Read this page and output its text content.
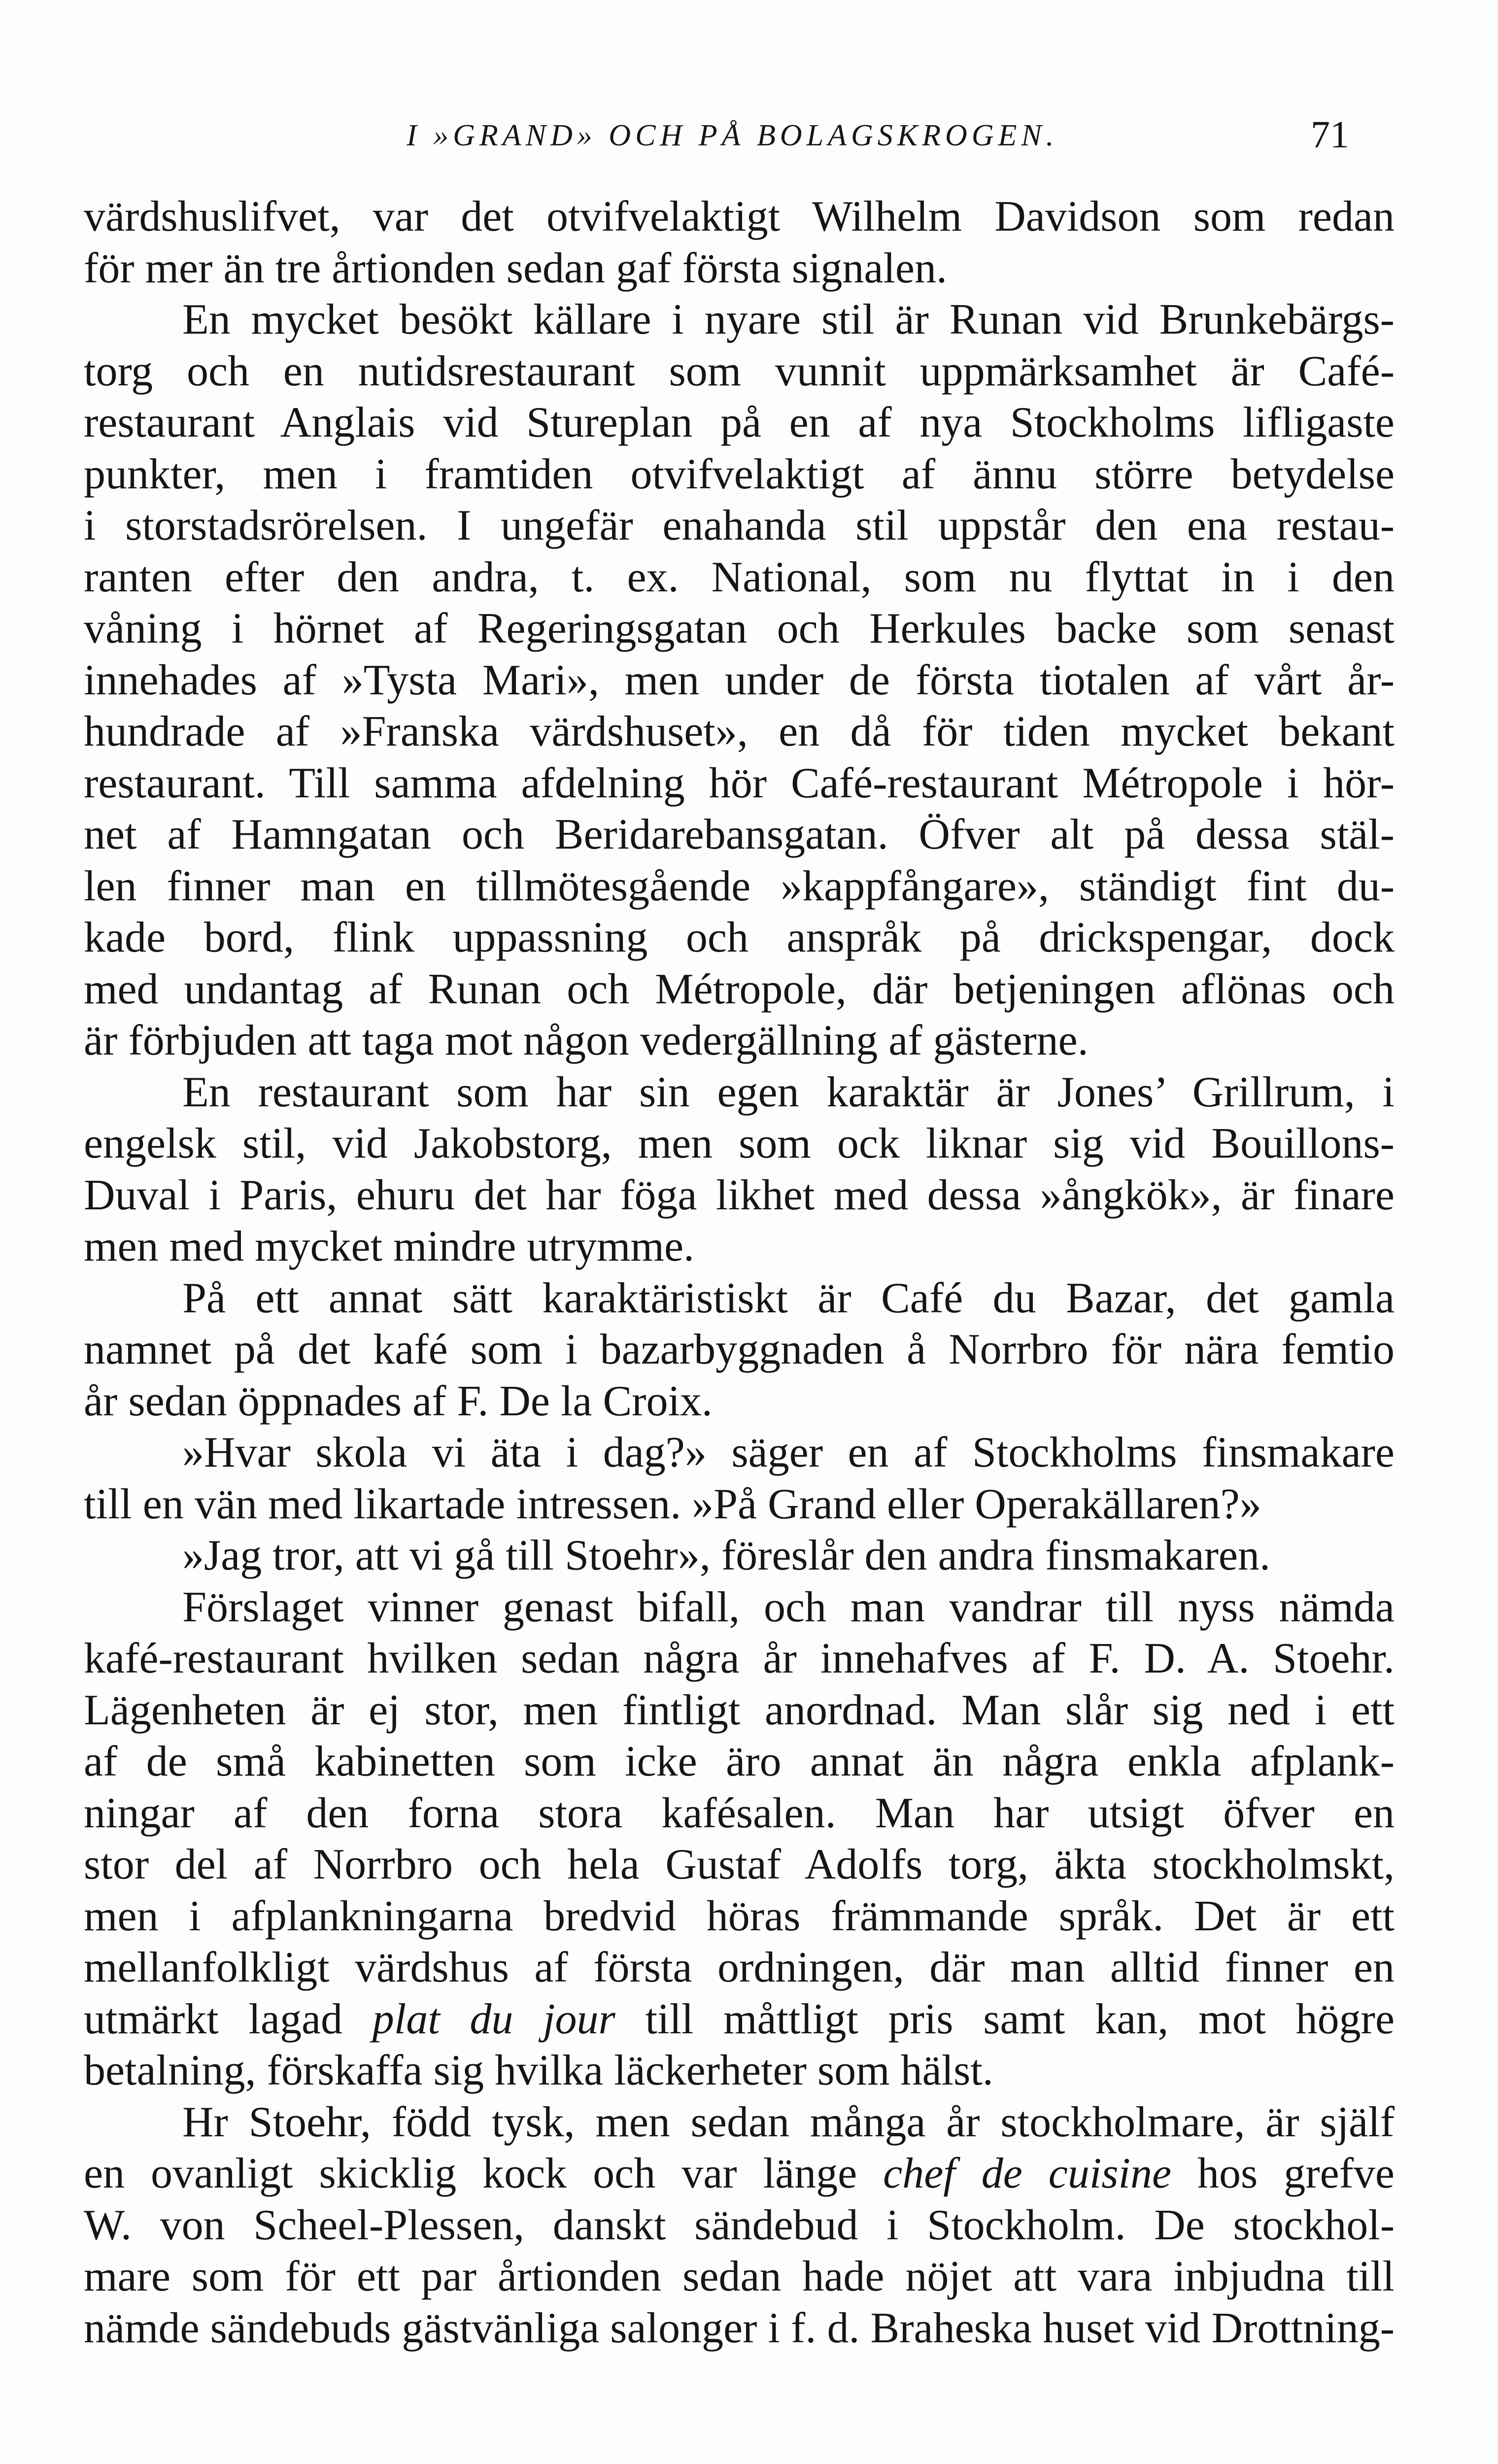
I »GRAND» OCH PÅ BOLAGSKROGEN.	71
värdshuslifvet, var det otvifvelaktigt Wilhelm Davidson som redan
för mer än tre årtionden sedan gaf första signalen.
En mycket besökt källare i nyare stil är Runan vid Brunkebärgs-
torg och en nutidsrestaurant som vunnit uppmärksamhet är Café-
restaurant Anglais vid Stureplan på en af nya Stockholms lifligaste
punkter, men i framtiden otvifvelaktigt af ännu större betydelse
i storstadsrörelsen. I ungefär enahanda stil uppstår den ena restau-
ranten efter den andra, t. ex. National, som nu flyttat in i den
våning i hörnet af Regeringsgatan och Herkules backe som senast
innehades af »Tysta Mari», men under de första tiotalen af vårt år-
hundrade af »Franska värdshuset», en då för tiden mycket bekant
restaurant. Till samma afdelning hör Café-restaurant Métropole i hör-
net af Hamngatan och Beridarebansgatan. Öfver alt på dessa stäl-
len finner man en tillmötesgående »kappfångare», ständigt fint du-
kade bord, flink uppassning och anspråk på drickspengar, dock
med undantag af Runan och Métropole, där betjeningen aflönas och
är förbjuden att taga mot någon vedergällning af gästerne.
En restaurant som har sin egen karaktär är Jones’ Grillrum, i
engelsk stil, vid Jakobstorg, men som ock liknar sig vid Bouillons-
Duval i Paris, ehuru det har föga likhet med dessa »ångkök», är finare
men med mycket mindre utrymme.
På ett annat sätt karaktäristiskt är Café du Bazar, det gamla
namnet på det kafé som i bazarbyggnaden å Norrbro för nära femtio
år sedan öppnades af F. De la Croix.
»Hvar skola vi äta i dag?» säger en af Stockholms finsmakare
till en vän med likartade intressen. »På Grand eller Operakällaren?»
»Jag tror, att vi gå till Stoehr», föreslår den andra finsmakaren.
Förslaget vinner genast bifall, och man vandrar till nyss nämda
kafé-restaurant hvilken sedan några år innehafves af F. D. A. Stoehr.
Lägenheten är ej stor, men fintligt anordnad. Man slår sig ned i ett
af de små kabinetten som icke äro annat än några enkla afplank-
ningar af den forna stora kafésalen. Man har utsigt öfver en
stor del af Norrbro och hela Gustaf Adolfs torg, äkta stockholmskt,
men i afplankningarna bredvid höras främmande språk. Det är ett
mellanfolkligt värdshus af första ordningen, där man alltid finner en
utmärkt lagad plat du jour till måttligt pris samt kan, mot högre
betalning, förskaffa sig hvilka läckerheter som hälst.
Hr Stoehr, född tysk, men sedan många år stockholmare, är själf
en ovanligt skicklig kock och var länge chef de cuisine hos grefve
W. von Scheel-Plessen, danskt sändebud i Stockholm. De stockhol-
mare som för ett par årtionden sedan hade nöjet att vara inbjudna till
nämde sändebuds gästvänliga salonger i f. d. Braheska huset vid Drottning-
